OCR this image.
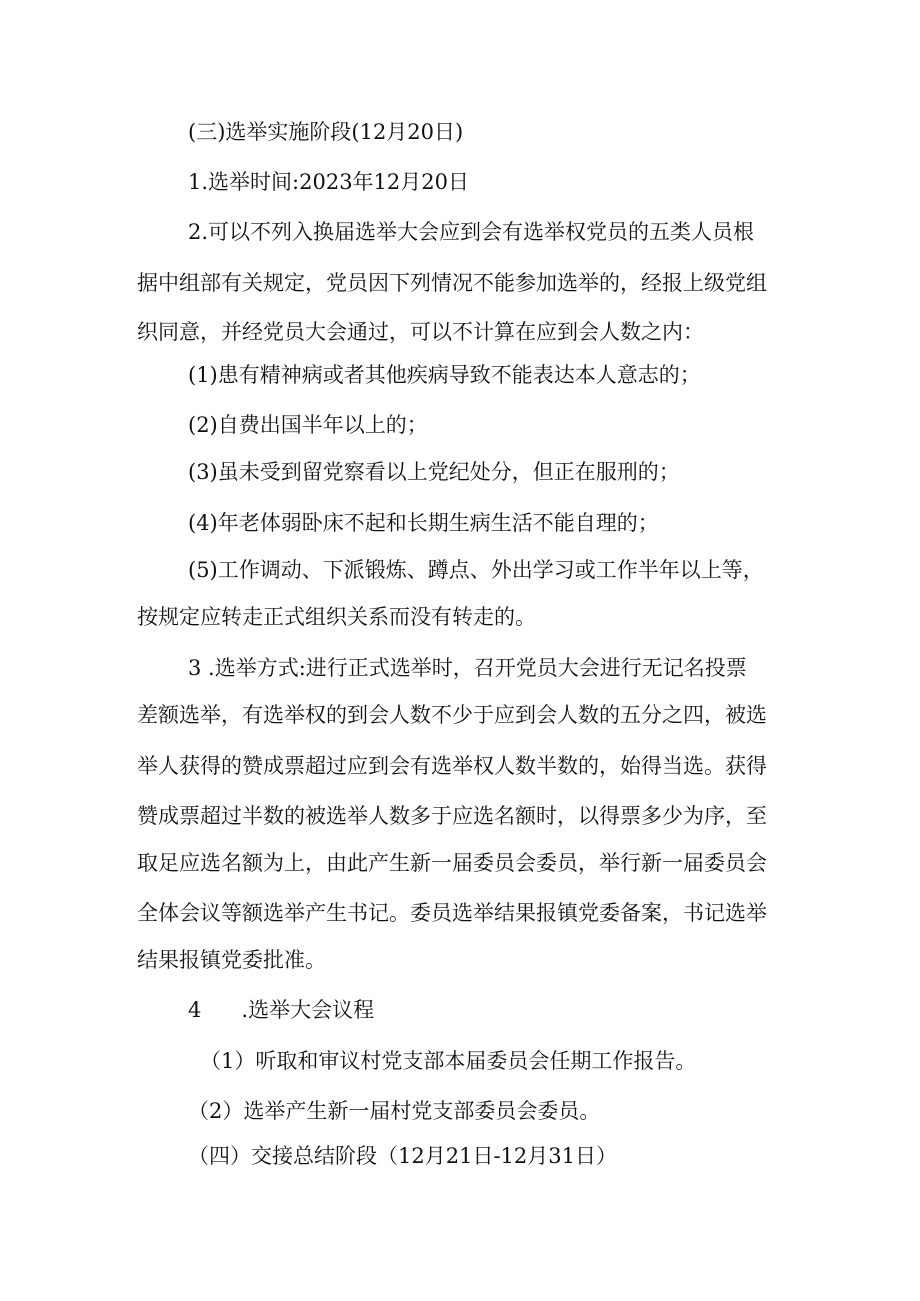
(三)选举实施阶段(12月20日)

1.选举时间:2023年12月20日

2.可以不列入换届选举大会应到会有选举权党员的五类人员根

据中组部有关规定，党员因下列情况不能参加选举的，经报上级党组

织同意，并经党员大会通过，可以不计算在应到会人数之内：

(1)患有精神病或者其他疾病导致不能表达本人意志的；

(2)自费出国半年以上的；

(3)虽未受到留党察看以上党纪处分，但正在服刑的；

(4)年老体弱卧床不起和长期生病生活不能自理的；

(5)工作调动、下派锻炼、蹲点、外出学习或工作半年以上等，

按规定应转走正式组织关系而没有转走的。

3 .选举方式:进行正式选举时，召开党员大会进行无记名投票

差额选举，有选举权的到会人数不少于应到会人数的五分之四，被选

举人获得的赞成票超过应到会有选举权人数半数的，始得当选。获得

赞成票超过半数的被选举人数多于应选名额时，以得票多少为序，至

取足应选名额为上，由此产生新一届委员会委员，举行新一届委员会

全体会议等额选举产生书记。委员选举结果报镇党委备案，书记选举

结果报镇党委批准。

4      .选举大会议程

（1）听取和审议村党支部本届委员会任期工作报告。

（2）选举产生新一届村党支部委员会委员。

（四）交接总结阶段（12月21日-12月31日）
